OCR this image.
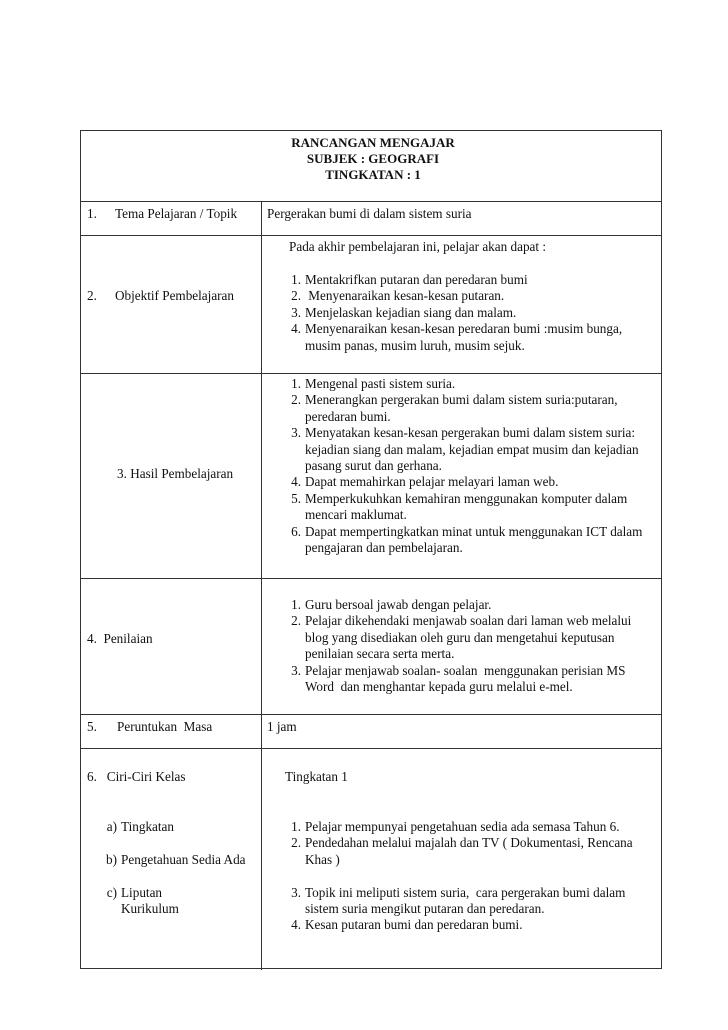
RANCANGAN MENGAJAR
SUBJEK : GEOGRAFI
TINGKATAN : 1
1. Tema Pelajaran / Topik Pergerakan bumi di dalam sistem suria
2. Objektif Pembelajaran
Pada akhir pembelajaran ini, pelajar akan dapat :
1. Mentakrifkan putaran dan peredaran bumi
2. Menyenaraikan kesan-kesan putaran.
3. Menjelaskan kejadian siang dan malam.
4. Menyenaraikan kesan-kesan peredaran bumi :musim bunga, musim panas, musim luruh, musim sejuk.
3. Hasil Pembelajaran
1. Mengenal pasti sistem suria.
2. Menerangkan pergerakan bumi dalam sistem suria:putaran, peredaran bumi.
3. Menyatakan kesan-kesan pergerakan bumi dalam sistem suria: kejadian siang dan malam, kejadian empat musim dan kejadian pasang surut dan gerhana.
4. Dapat memahirkan pelajar melayari laman web.
5. Memperkukuhkan kemahiran menggunakan komputer dalam mencari maklumat.
6. Dapat mempertingkatkan minat untuk menggunakan ICT dalam pengajaran dan pembelajaran.
4.  Penilaian
1. Guru bersoal jawab dengan pelajar.
2. Pelajar dikehendaki menjawab soalan dari laman web melalui blog yang disediakan oleh guru dan mengetahui keputusan penilaian secara serta merta.
3. Pelajar menjawab soalan- soalan  menggunakan perisian MS Word  dan menghantar kepada guru melalui e-mel.
5. Peruntukan  Masa	1 jam
6.   Ciri-Ciri Kelas	Tingkatan 1
a) Tingkatan
b) Pengetahuan Sedia Ada
c) Liputan Kurikulum
1. Pelajar mempunyai pengetahuan sedia ada semasa Tahun 6.
2. Pendedahan melalui majalah dan TV ( Dokumentasi, Rencana Khas )
3. Topik ini meliputi sistem suria,  cara pergerakan bumi dalam sistem suria mengikut putaran dan peredaran.
4. Kesan putaran bumi dan peredaran bumi.
